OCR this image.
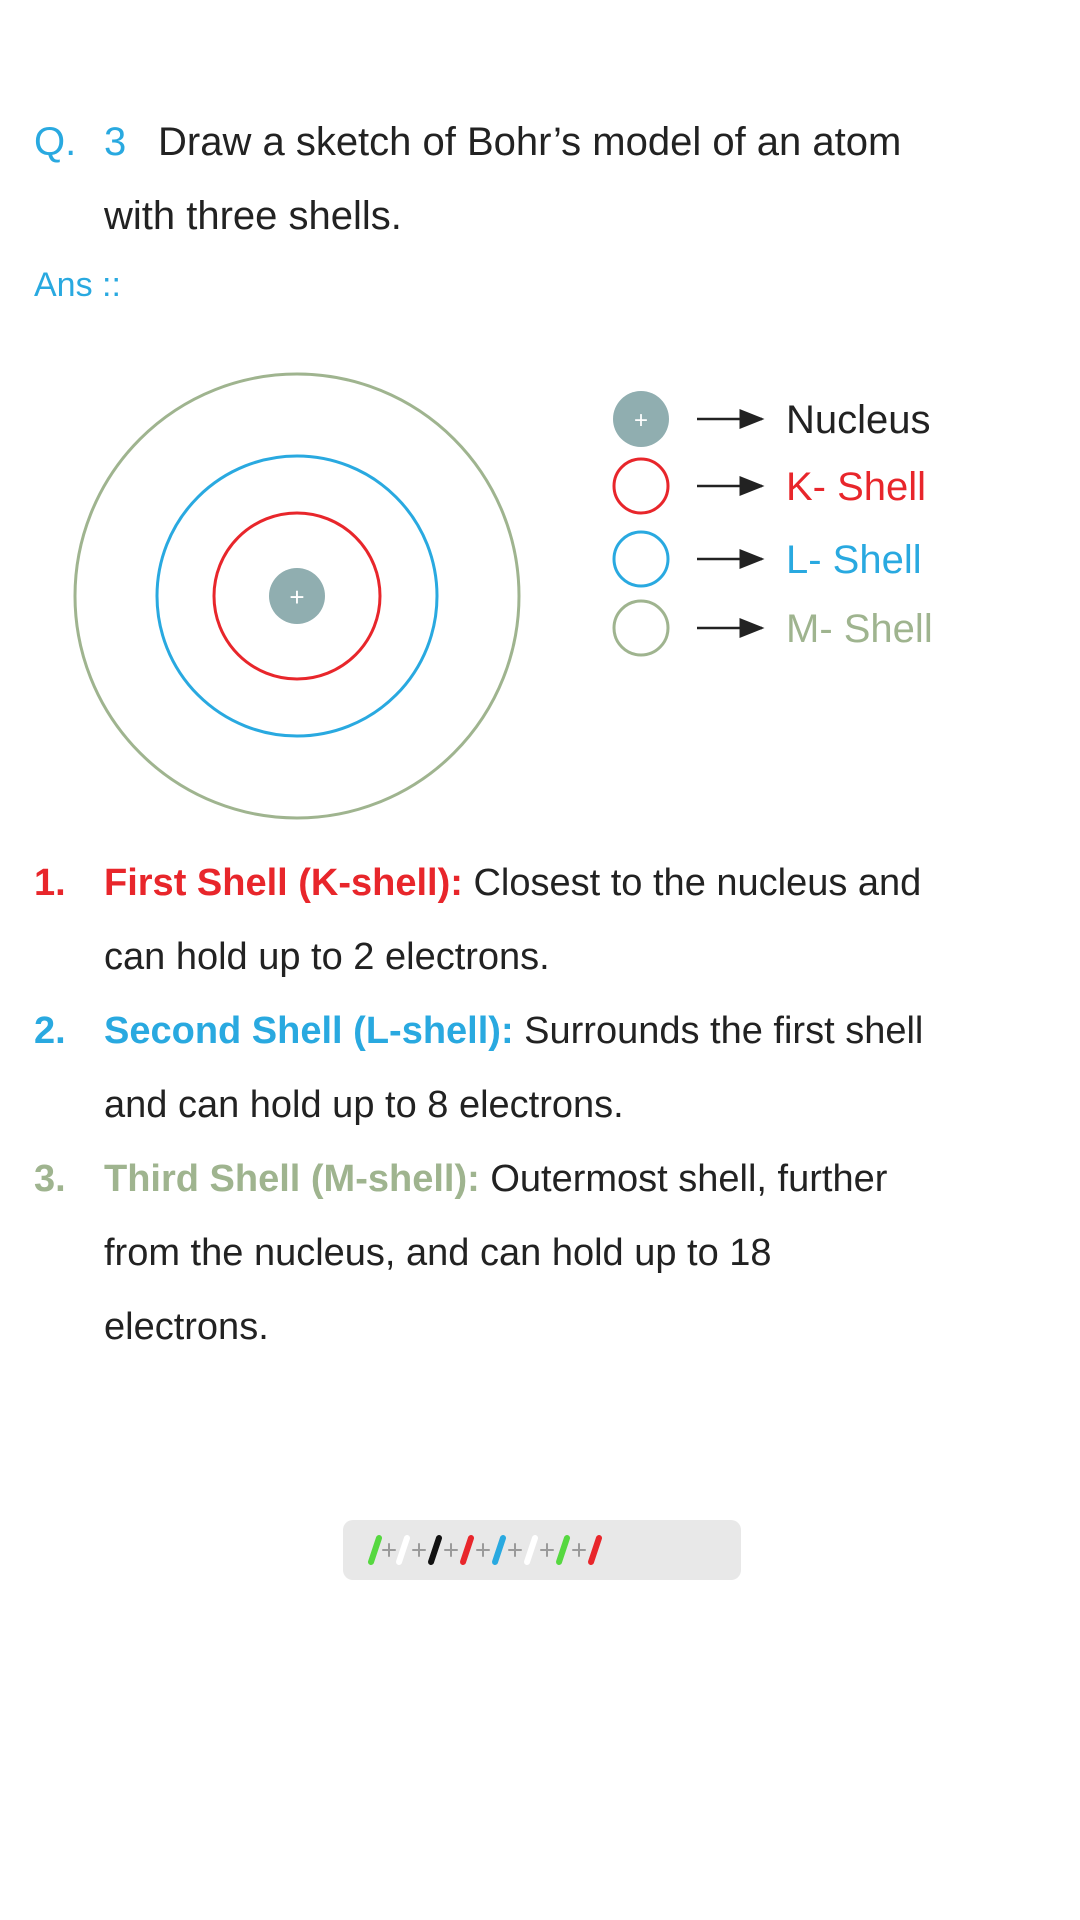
Q. 3 Draw a sketch of Bohr’s model of an atom
with three shells.
Ans ::
+
+	Nucleus
K- Shell
L- Shell
M- Shell
1. First Shell (K-shell): Closest to the nucleus and
can hold up to 2 electrons.
2. Second Shell (L-shell): Surrounds the first shell
and can hold up to 8 electrons.
3. Third Shell (M-shell): Outermost shell, further
from the nucleus, and can hold up to 18
electrons.
